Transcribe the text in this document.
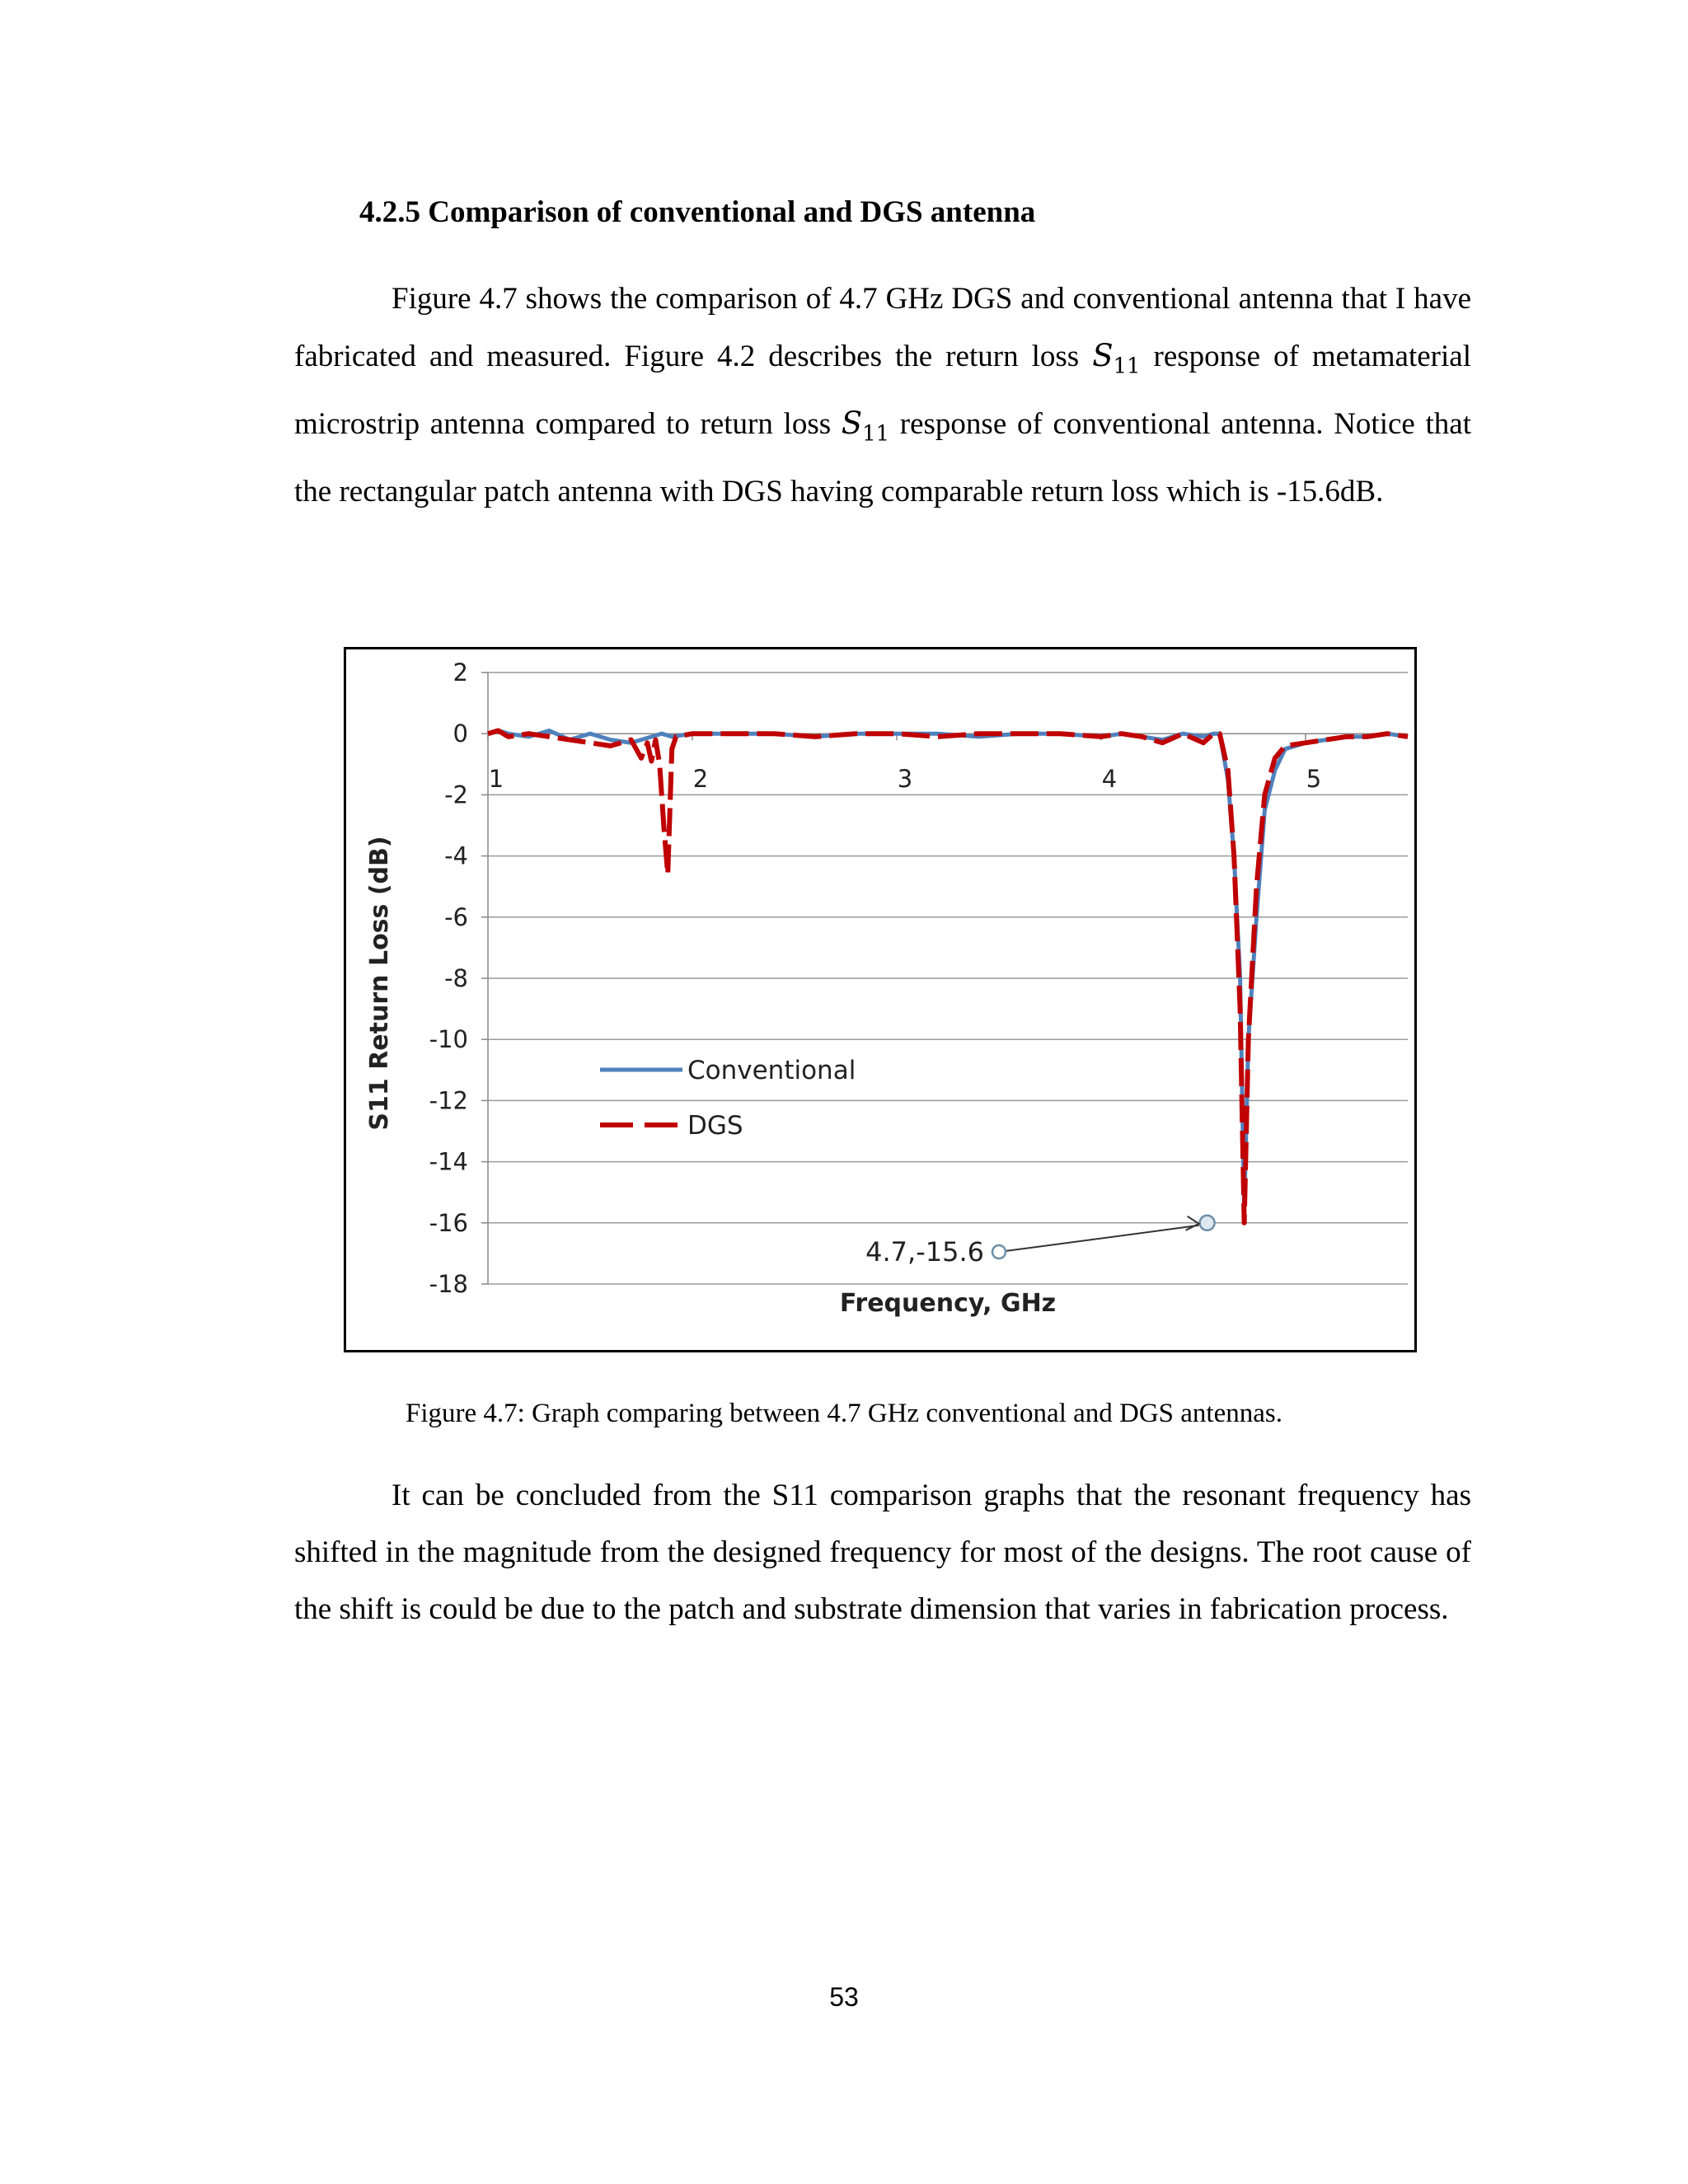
4.2.5 Comparison of conventional and DGS antenna

Figure 4.7 shows the comparison of 4.7 GHz DGS and conventional antenna that I have fabricated and measured. Figure 4.2 describes the return loss $S_{11}$ response of metamaterial microstrip antenna compared to return loss $S_{11}$ response of conventional antenna. Notice that the rectangular patch antenna with DGS having comparable return loss which is -15.6dB.

2
0
-2
-4
-6
-8
-10
-12
-14
-16
-18
1	2	3	4	5
4.7,-15.6
Conventional
DGS
Frequency, GHz
S11 Return Loss (dB)

Figure 4.7: Graph comparing between 4.7 GHz conventional and DGS antennas.

It can be concluded from the S11 comparison graphs that the resonant frequency has shifted in the magnitude from the designed frequency for most of the designs. The root cause of the shift is could be due to the patch and substrate dimension that varies in fabrication process.

53
